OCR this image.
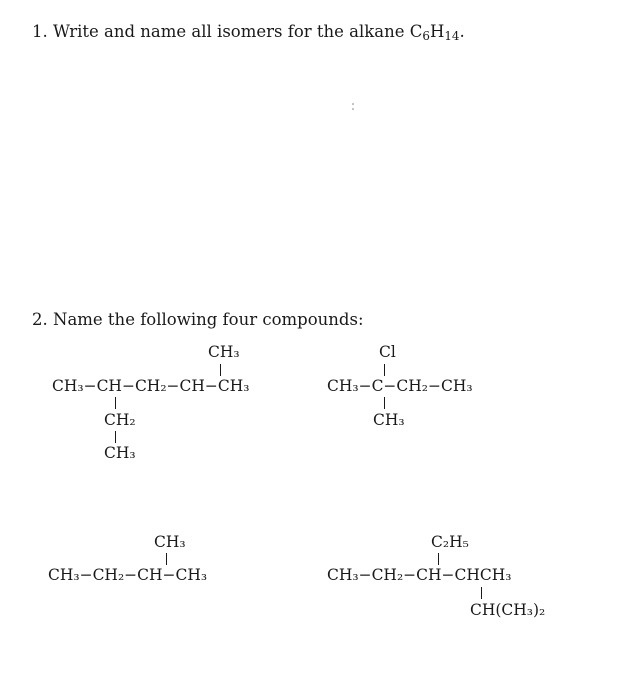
1. Write and name all isomers for the alkane $C_6H_{14}$.
2. Name the following four compounds:
CH₃
CH₃−CH−CH₂−CH−CH₃
CH₂
CH₃
Cl
CH₃−C−CH₂−CH₃
CH₃
CH₃
CH₃−CH₂−CH−CH₃
C₂H₅
CH₃−CH₂−CH−CHCH₃
CH(CH₃)₂
